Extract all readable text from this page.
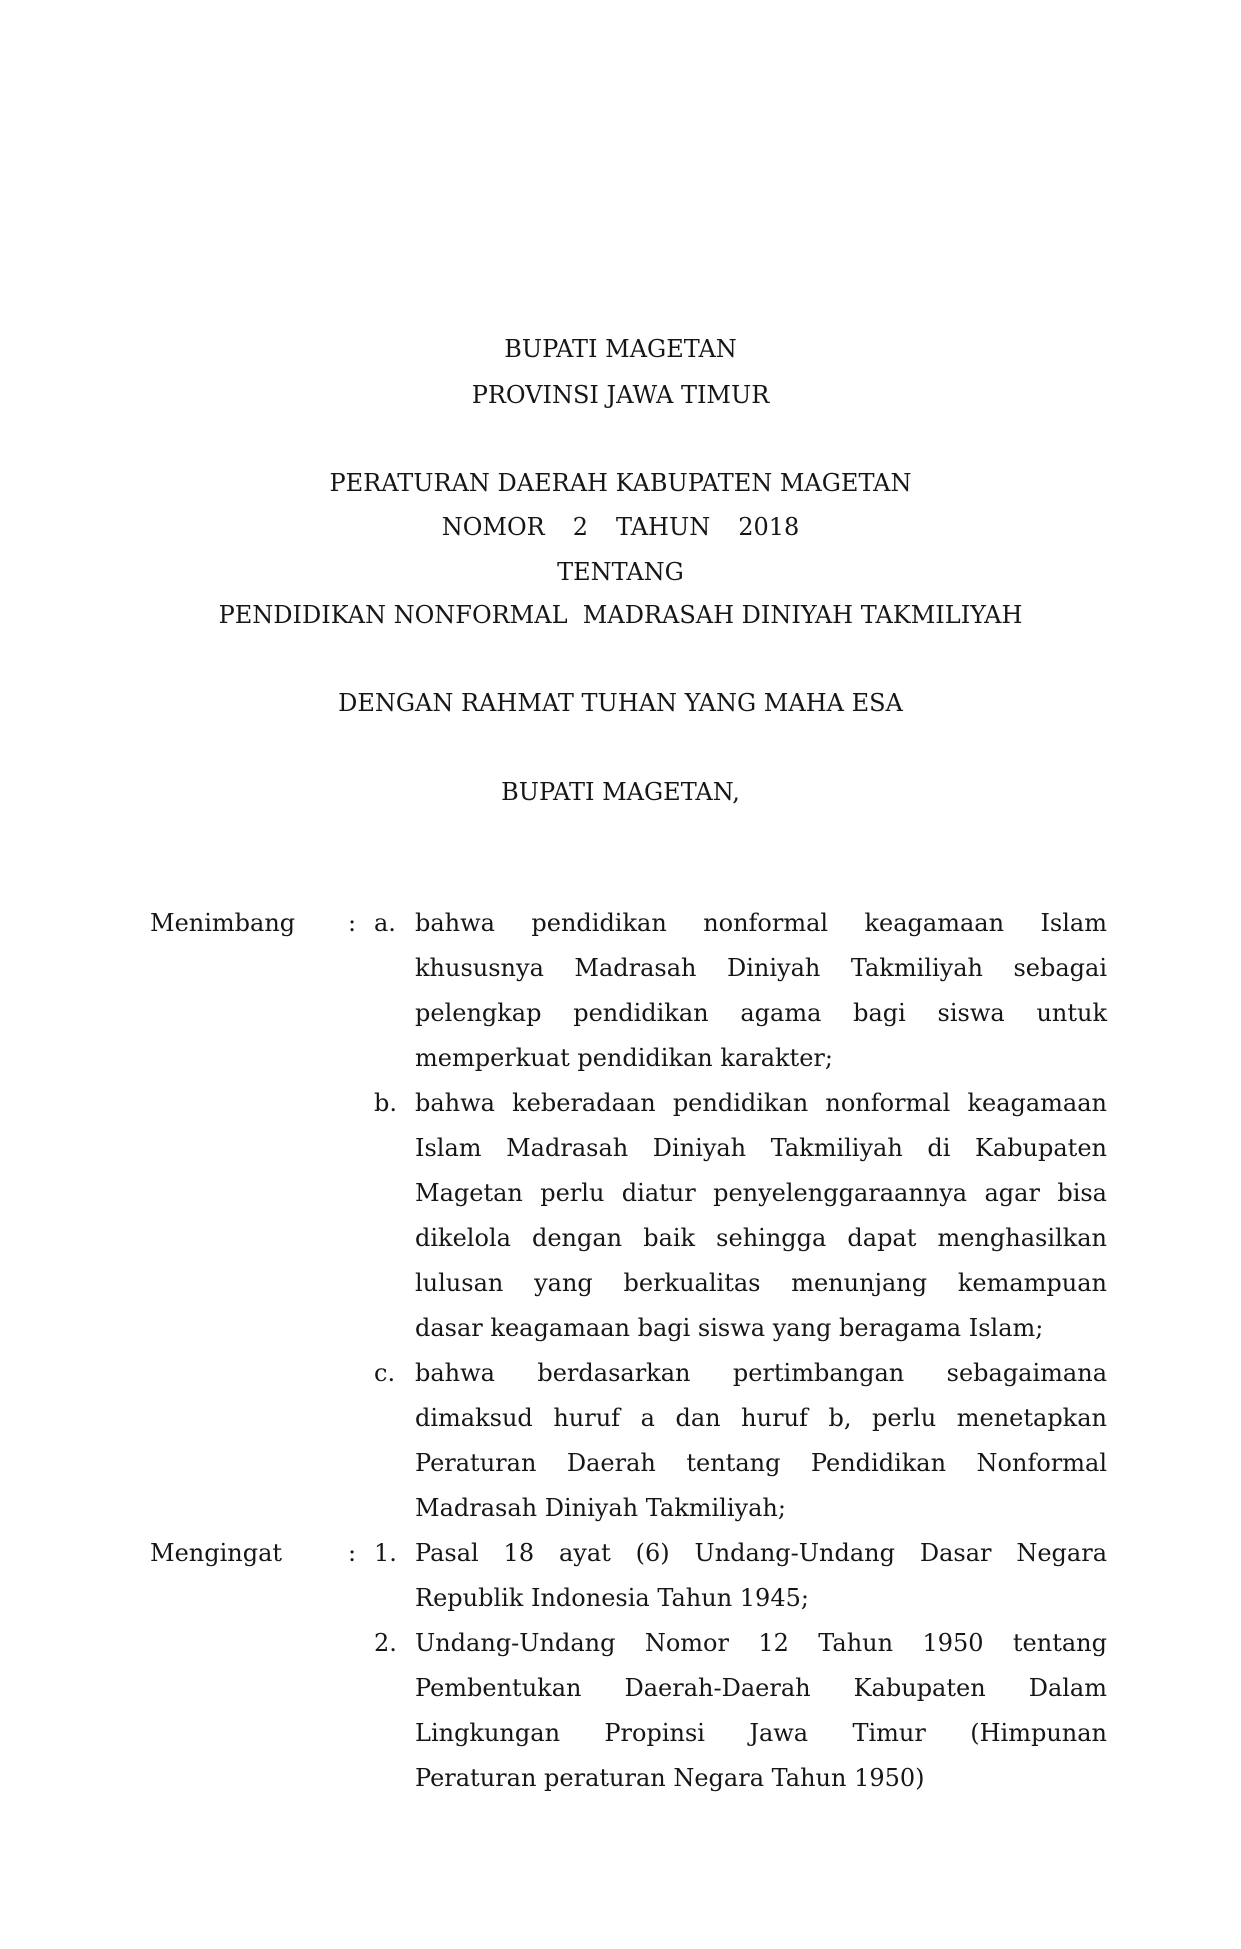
BUPATI MAGETAN
PROVINSI JAWA TIMUR
PERATURAN DAERAH KABUPATEN MAGETAN
NOMOR 2 TAHUN 2018
TENTANG
PENDIDIKAN NONFORMAL  MADRASAH DINIYAH TAKMILIYAH
DENGAN RAHMAT TUHAN YANG MAHA ESA
BUPATI MAGETAN,
Menimbang	: a. bahwa pendidikan nonformal keagamaan Islam
khususnya Madrasah Diniyah Takmiliyah sebagai
pelengkap pendidikan agama bagi siswa untuk
memperkuat pendidikan karakter;
b. bahwa keberadaan pendidikan nonformal keagamaan
Islam Madrasah Diniyah Takmiliyah di Kabupaten
Magetan perlu diatur penyelenggaraannya agar bisa
dikelola dengan baik sehingga dapat menghasilkan
lulusan yang berkualitas menunjang kemampuan
dasar keagamaan bagi siswa yang beragama Islam;
c. bahwa berdasarkan pertimbangan sebagaimana
dimaksud huruf a dan huruf b, perlu menetapkan
Peraturan Daerah tentang Pendidikan Nonformal
Madrasah Diniyah Takmiliyah;
Mengingat	: 1. Pasal 18 ayat (6) Undang-Undang Dasar Negara
Republik Indonesia Tahun 1945;
2. Undang-Undang Nomor 12 Tahun 1950 tentang
Pembentukan Daerah-Daerah Kabupaten Dalam
Lingkungan Propinsi Jawa Timur (Himpunan
Peraturan peraturan Negara Tahun 1950)
